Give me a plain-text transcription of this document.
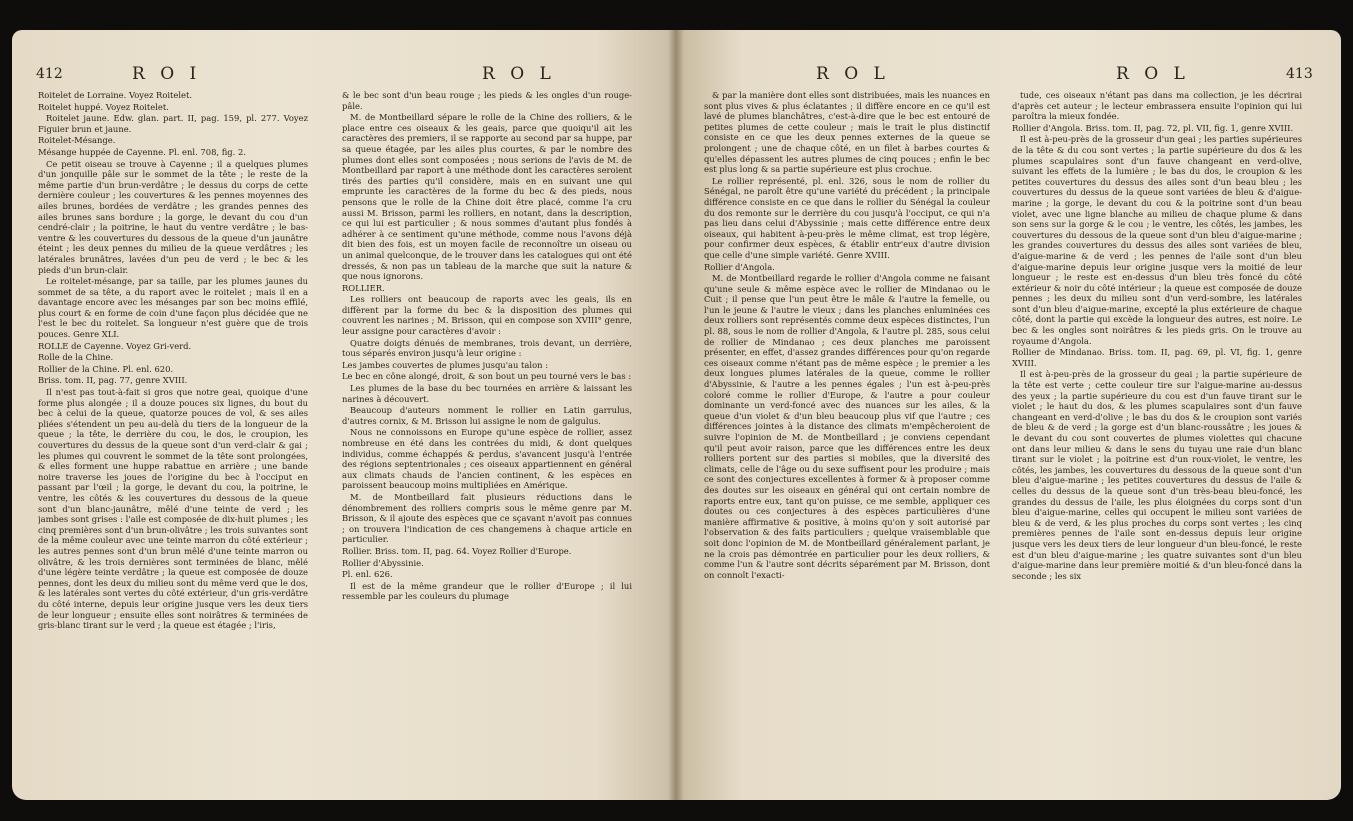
412	R O I	R O L

Roitelet de Lorraine. Voyez Roitelet.

Roitelet huppé. Voyez Roitelet.

Roitelet jaune. Edw. glan. part. II, pag. 159, pl. 277. Voyez Figuier brun et jaune.

Roitelet-Mésange.

Mésange huppée de Cayenne. Pl. enl. 708, fig. 2.

Ce petit oiseau se trouve à Cayenne ; il a quelques plumes d'un jonquille pâle sur le sommet de la tête ; le reste de la même partie d'un brun-verdâtre ; le dessus du corps de cette dernière couleur ; les couvertures & les pennes moyennes des ailes brunes, bordées de verdâtre ; les grandes pennes des ailes brunes sans bordure ; la gorge, le devant du cou d'un cendré-clair ; la poitrine, le haut du ventre verdâtre ; le bas-ventre & les couvertures du dessous de la queue d'un jaunâtre éteint ; les deux pennes du milieu de la queue verdâtres ; les latérales brunâtres, lavées d'un peu de verd ; le bec & les pieds d'un brun-clair.

Le roitelet-mésange, par sa taille, par les plumes jaunes du sommet de sa tête, a du raport avec le roitelet ; mais il en a davantage encore avec les mésanges par son bec moins effilé, plus court & en forme de coin d'une façon plus décidée que ne l'est le bec du roitelet. Sa longueur n'est guère que de trois pouces. Genre XLI.

ROLLE de Cayenne. Voyez Gri-verd.

Rolle de la Chine.

Rollier de la Chine. Pl. enl. 620.

Briss. tom. II, pag. 77, genre XVIII.

Il n'est pas tout-à-fait si gros que notre geai, quoique d'une forme plus alongée ; il a douze pouces six lignes, du bout du bec à celui de la queue, quatorze pouces de vol, & ses ailes pliées s'étendent un peu au-delà du tiers de la longueur de la queue ; la tête, le derrière du cou, le dos, le croupion, les couvertures du dessus de la queue sont d'un verd-clair & gai ; les plumes qui couvrent le sommet de la tête sont prolongées, & elles forment une huppe rabattue en arrière ; une bande noire traverse les joues de l'origine du bec à l'occiput en passant par l'œil ; la gorge, le devant du cou, la poitrine, le ventre, les côtés & les couvertures du dessous de la queue sont d'un blanc-jaunâtre, mêlé d'une teinte de verd ; les jambes sont grises : l'aile est composée de dix-huit plumes ; les cinq premières sont d'un brun-olivâtre ; les trois suivantes sont de la même couleur avec une teinte marron du côté extérieur ; les autres pennes sont d'un brun mêlé d'une teinte marron ou olivâtre, & les trois dernières sont terminées de blanc, mêlé d'une légère teinte verdâtre ; la queue est composée de douze pennes, dont les deux du milieu sont du même verd que le dos, & les latérales sont vertes du côté extérieur, d'un gris-verdâtre du côté interne, depuis leur origine jusque vers les deux tiers de leur longueur ; ensuite elles sont noirâtres & terminées de gris-blanc tirant sur le verd ; la queue est étagée ; l'iris,

& le bec sont d'un beau rouge ; les pieds & les ongles d'un rouge-pâle.

M. de Montbeillard sépare le rolle de la Chine des rolliers, & le place entre ces oiseaux & les geais, parce que quoiqu'il ait les caractères des premiers, il se rapporte au second par sa huppe, par sa queue étagée, par les ailes plus courtes, & par le nombre des plumes dont elles sont composées ; nous serions de l'avis de M. de Montbeillard par raport à une méthode dont les caractères seroient tirés des parties qu'il considère, mais en en suivant une qui emprunte les caractères de la forme du bec & des pieds, nous pensons que le rolle de la Chine doit être placé, comme l'a cru aussi M. Brisson, parmi les rolliers, en notant, dans la description, ce qui lui est particulier ; & nous sommes d'autant plus fondés à adhérer à ce sentiment qu'une méthode, comme nous l'avons déjà dit bien des fois, est un moyen facile de reconnoître un oiseau ou un animal quelconque, de le trouver dans les catalogues qui ont été dressés, & non pas un tableau de la marche que suit la nature & que nous ignorons.

ROLLIER.

Les rolliers ont beaucoup de raports avec les geais, ils en diffèrent par la forme du bec & la disposition des plumes qui couvrent les narines ; M. Brisson, qui en compose son XVIII° genre, leur assigne pour caractères d'avoir :

Quatre doigts dénués de membranes, trois devant, un derrière, tous séparés environ jusqu'à leur origine :

Les jambes couvertes de plumes jusqu'au talon :

Le bec en cône alongé, droit, & son bout un peu tourné vers le bas :

Les plumes de la base du bec tournées en arrière & laissant les narines à découvert.

Beaucoup d'auteurs nomment le rollier en Latin garrulus, d'autres cornix, & M. Brisson lui assigne le nom de galgulus.

Nous ne connoissons en Europe qu'une espèce de rollier, assez nombreuse en été dans les contrées du midi, & dont quelques individus, comme échappés & perdus, s'avancent jusqu'à l'entrée des régions septentrionales ; ces oiseaux appartiennent en général aux climats chauds de l'ancien continent, & les espèces en paroissent beaucoup moins multipliées en Amérique.

M. de Montbeillard fait plusieurs réductions dans le dénombrement des rolliers compris sous le même genre par M. Brisson, & il ajoute des espèces que ce sçavant n'avoit pas connues ; on trouvera l'indication de ces changemens à chaque article en particulier.

Rollier. Briss. tom. II, pag. 64. Voyez Rollier d'Europe.

Rollier d'Abyssinie.

Pl. enl. 626.

Il est de la même grandeur que le rollier d'Europe ; il lui ressemble par les couleurs du plumage

R O L	R O L	413

& par la manière dont elles sont distribuées, mais les nuances en sont plus vives & plus éclatantes ; il diffère encore en ce qu'il est lavé de plumes blanchâtres, c'est-à-dire que le bec est entouré de petites plumes de cette couleur ; mais le trait le plus distinctif consiste en ce que les deux pennes externes de la queue se prolongent ; une de chaque côté, en un filet à barbes courtes & qu'elles dépassent les autres plumes de cinq pouces ; enfin le bec est plus long & sa partie supérieure est plus crochue.

Le rollier représenté, pl. enl. 326, sous le nom de rollier du Sénégal, ne paroît être qu'une variété du précédent ; la principale différence consiste en ce que dans le rollier du Sénégal la couleur du dos remonte sur le derrière du cou jusqu'à l'occiput, ce qui n'a pas lieu dans celui d'Abyssinie ; mais cette différence entre deux oiseaux, qui habitent à-peu-près le même climat, est trop légère, pour confirmer deux espèces, & établir entr'eux d'autre division que celle d'une simple variété. Genre XVIII.

Rollier d'Angola.

M. de Montbeillard regarde le rollier d'Angola comme ne faisant qu'une seule & même espèce avec le rollier de Mindanao ou le Cuit ; il pense que l'un peut être le mâle & l'autre la femelle, ou l'un le jeune & l'autre le vieux ; dans les planches enluminées ces deux rolliers sont représentés comme deux espèces distinctes, l'un pl. 88, sous le nom de rollier d'Angola, & l'autre pl. 285, sous celui de rollier de Mindanao ; ces deux planches me paroissent présenter, en effet, d'assez grandes différences pour qu'on regarde ces oiseaux comme n'étant pas de même espèce ; le premier a les deux longues plumes latérales de la queue, comme le rollier d'Abyssinie, & l'autre a les pennes égales ; l'un est à-peu-près coloré comme le rollier d'Europe, & l'autre a pour couleur dominante un verd-foncé avec des nuances sur les ailes, & la queue d'un violet & d'un bleu beaucoup plus vif que l'autre ; ces différences jointes à la distance des climats m'empêcheroient de suivre l'opinion de M. de Montbeillard ; je conviens cependant qu'il peut avoir raison, parce que les différences entre les deux rolliers portent sur des parties si mobiles, que la diversité des climats, celle de l'âge ou du sexe suffisent pour les produire ; mais ce sont des conjectures excellentes à former & à proposer comme des doutes sur les oiseaux en général qui ont certain nombre de raports entre eux, tant qu'on puisse, ce me semble, appliquer ces doutes ou ces conjectures à des espèces particulières d'une manière affirmative & positive, à moins qu'on y soit autorisé par l'observation & des faits particuliers ; quelque vraisemblable que soit donc l'opinion de M. de Montbeillard généralement parlant, je ne la crois pas démontrée en particulier pour les deux rolliers, & comme l'un & l'autre sont décrits séparément par M. Brisson, dont on connoît l'exacti-

tude, ces oiseaux n'étant pas dans ma collection, je les décrirai d'après cet auteur ; le lecteur embrassera ensuite l'opinion qui lui paroîtra la mieux fondée.

Rollier d'Angola. Briss. tom. II, pag. 72, pl. VII, fig. 1, genre XVIII.

Il est à-peu-près de la grosseur d'un geai ; les parties supérieures de la tête & du cou sont vertes ; la partie supérieure du dos & les plumes scapulaires sont d'un fauve changeant en verd-olive, suivant les effets de la lumière ; le bas du dos, le croupion & les petites couvertures du dessus des ailes sont d'un beau bleu ; les couvertures du dessus de la queue sont variées de bleu & d'aigue-marine ; la gorge, le devant du cou & la poitrine sont d'un beau violet, avec une ligne blanche au milieu de chaque plume & dans son sens sur la gorge & le cou ; le ventre, les côtés, les jambes, les couvertures du dessous de la queue sont d'un bleu d'aigue-marine ; les grandes couvertures du dessus des ailes sont variées de bleu, d'aigue-marine & de verd ; les pennes de l'aile sont d'un bleu d'aigue-marine depuis leur origine jusque vers la moitié de leur longueur ; le reste est en-dessus d'un bleu très foncé du côté extérieur & noir du côté intérieur ; la queue est composée de douze pennes ; les deux du milieu sont d'un verd-sombre, les latérales sont d'un bleu d'aigue-marine, excepté la plus extérieure de chaque côté, dont la partie qui excède la longueur des autres, est noire. Le bec & les ongles sont noirâtres & les pieds gris. On le trouve au royaume d'Angola.

Rollier de Mindanao. Briss. tom. II, pag. 69, pl. VI, fig. 1, genre XVIII.

Il est à-peu-près de la grosseur du geai ; la partie supérieure de la tête est verte ; cette couleur tire sur l'aigue-marine au-dessus des yeux ; la partie supérieure du cou est d'un fauve tirant sur le violet ; le haut du dos, & les plumes scapulaires sont d'un fauve changeant en verd-d'olive ; le bas du dos & le croupion sont variés de bleu & de verd ; la gorge est d'un blanc-roussâtre ; les joues & le devant du cou sont couvertes de plumes violettes qui chacune ont dans leur milieu & dans le sens du tuyau une raie d'un blanc tirant sur le violet ; la poitrine est d'un roux-violet, le ventre, les côtés, les jambes, les couvertures du dessous de la queue sont d'un bleu d'aigue-marine ; les petites couvertures du dessus de l'aile & celles du dessus de la queue sont d'un très-beau bleu-foncé, les grandes du dessus de l'aile, les plus éloignées du corps sont d'un bleu d'aigue-marine, celles qui occupent le milieu sont variées de bleu & de verd, & les plus proches du corps sont vertes ; les cinq premières pennes de l'aile sont en-dessus depuis leur origine jusque vers les deux tiers de leur longueur d'un bleu-foncé, le reste est d'un bleu d'aigue-marine ; les quatre suivantes sont d'un bleu d'aigue-marine dans leur première moitié & d'un bleu-foncé dans la seconde ; les six
